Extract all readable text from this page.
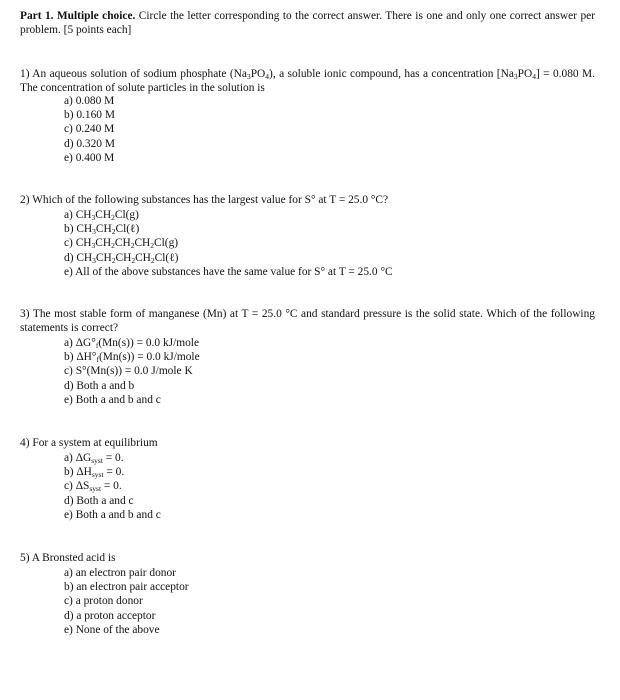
Part 1. Multiple choice. Circle the letter corresponding to the correct answer. There is one and only one correct answer per problem. [5 points each]
1) An aqueous solution of sodium phosphate $(Na_3PO_4)$, a soluble ionic compound, has a concentration $[Na_3PO_4] = 0.080$ M. The concentration of solute particles in the solution is
a) 0.080 M
b) 0.160 M
c) 0.240 M
d) 0.320 M
e) 0.400 M
2) Which of the following substances has the largest value for S° at T = 25.0 °C?
a) $CH_3CH_2Cl(g)$
b) $CH_3CH_2Cl(\ell)$
c) $CH_3CH_2CH_2CH_2Cl(g)$
d) $CH_3CH_2CH_2CH_2Cl(\ell)$
e) All of the above substances have the same value for S° at T = 25.0 °C
3) The most stable form of manganese (Mn) at T = 25.0 °C and standard pressure is the solid state. Which of the following statements is correct?
a) $\Delta G^\circ_f(Mn(s)) = 0.0$ kJ/mole
b) $\Delta H^\circ_f(Mn(s)) = 0.0$ kJ/mole
c) S°(Mn(s)) = 0.0 J/mole K
d) Both a and b
e) Both a and b and c
4) For a system at equilibrium
a) $\Delta G_{syst} = 0$.
b) $\Delta H_{syst} = 0$.
c) $\Delta S_{syst} = 0$.
d) Both a and c
e) Both a and b and c
5) A Bronsted acid is
a) an electron pair donor
b) an electron pair acceptor
c) a proton donor
d) a proton acceptor
e) None of the above
